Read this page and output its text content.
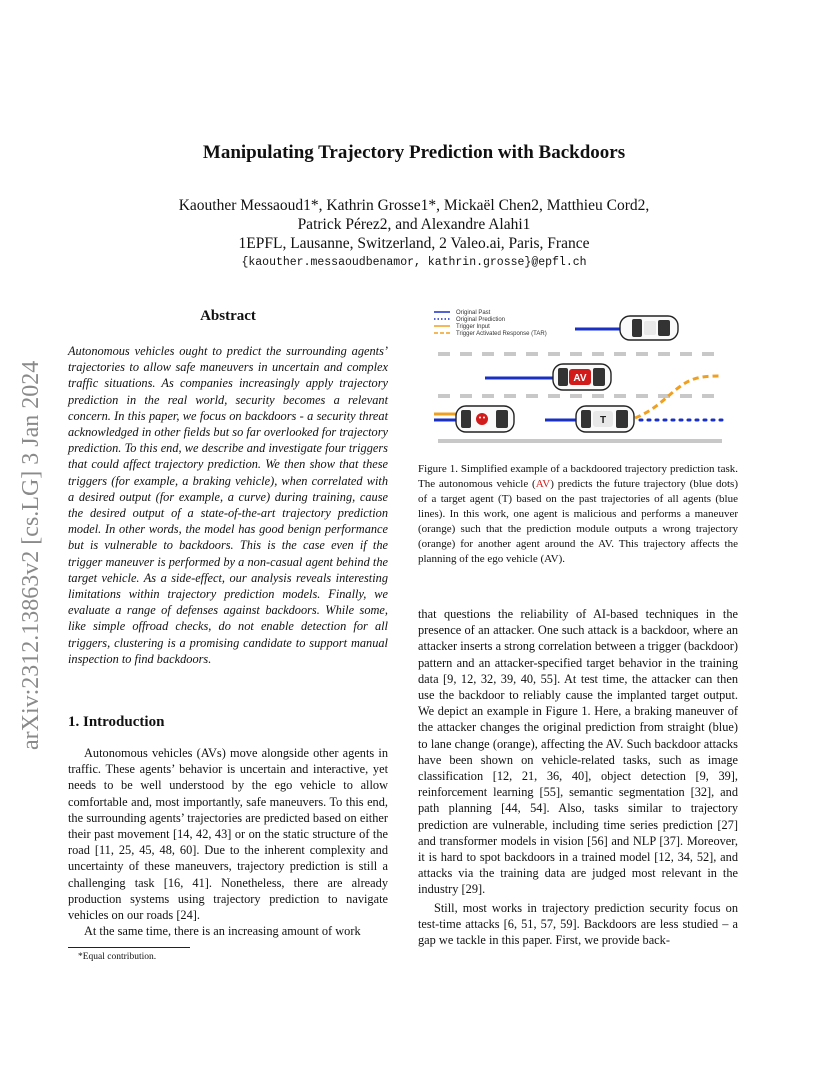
Manipulating Trajectory Prediction with Backdoors
Kaouther Messaoud1*, Kathrin Grosse1*, Mickaël Chen2, Matthieu Cord2,
Patrick Pérez2, and Alexandre Alahi1
1EPFL, Lausanne, Switzerland, 2 Valeo.ai, Paris, France
{kaouther.messaoudbenamor, kathrin.grosse}@epfl.ch
arXiv:2312.13863v2 [cs.LG] 3 Jan 2024
Abstract
Autonomous vehicles ought to predict the surrounding agents’ trajectories to allow safe maneuvers in uncertain and complex traffic situations. As companies increasingly apply trajectory prediction in the real world, security becomes a relevant concern. In this paper, we focus on backdoors - a security threat acknowledged in other fields but so far overlooked for trajectory prediction. To this end, we describe and investigate four triggers that could affect trajectory prediction. We then show that these triggers (for example, a braking vehicle), when correlated with a desired output (for example, a curve) during training, cause the desired output of a state-of-the-art trajectory prediction model. In other words, the model has good benign performance but is vulnerable to backdoors. This is the case even if the trigger maneuver is performed by a non-casual agent behind the target vehicle. As a side-effect, our analysis reveals interesting limitations within trajectory prediction models. Finally, we evaluate a range of defenses against backdoors. While some, like simple offroad checks, do not enable detection for all triggers, clustering is a promising candidate to support manual inspection to find backdoors.
1. Introduction

Autonomous vehicles (AVs) move alongside other agents in traffic. These agents’ behavior is uncertain and interactive, yet needs to be well understood by the ego vehicle to allow comfortable and, most importantly, safe maneuvers. To this end, the surrounding agents’ trajectories are predicted based on either their past movement [14, 42, 43] or on the static structure of the road [11, 25, 45, 48, 60]. Due to the inherent complexity and uncertainty of these maneuvers, trajectory prediction is still a challenging task [16, 41]. Nonetheless, there are already production systems using trajectory prediction to navigate vehicles on our roads [24].

At the same time, there is an increasing amount of work

*Equal contribution.
Original Past
Original Prediction
Trigger Input
Trigger Activated Response (TAR)
AV
T
Figure 1. Simplified example of a backdoored trajectory prediction task. The autonomous vehicle (AV) predicts the future trajectory (blue dots) of a target agent (T) based on the past trajectories of all agents (blue lines). In this work, one agent is malicious and performs a maneuver (orange) such that the prediction module outputs a wrong trajectory (orange) for another agent around the AV. This trajectory affects the planning of the ego vehicle (AV).

that questions the reliability of AI-based techniques in the presence of an attacker. One such attack is a backdoor, where an attacker inserts a strong correlation between a trigger (backdoor) pattern and an attacker-specified target behavior in the training data [9, 12, 32, 39, 40, 55]. At test time, the attacker can then use the backdoor to reliably cause the implanted target output. We depict an example in Figure 1. Here, a braking maneuver of the attacker changes the original prediction from straight (blue) to lane change (orange), affecting the AV. Such backdoor attacks have been shown on vehicle-related tasks, such as image classification [12, 21, 36, 40], object detection [9, 39], reinforcement learning [55], semantic segmentation [32], and path planning [44, 54]. Also, tasks similar to trajectory prediction are vulnerable, including time series prediction [27] and transformer models in vision [56] and NLP [37]. Moreover, it is hard to spot backdoors in a trained model [12, 34, 52], and attacks via the training data are judged most relevant in the industry [29].

Still, most works in trajectory prediction security focus on test-time attacks [6, 51, 57, 59]. Backdoors are less studied – a gap we tackle in this paper. First, we provide back-
